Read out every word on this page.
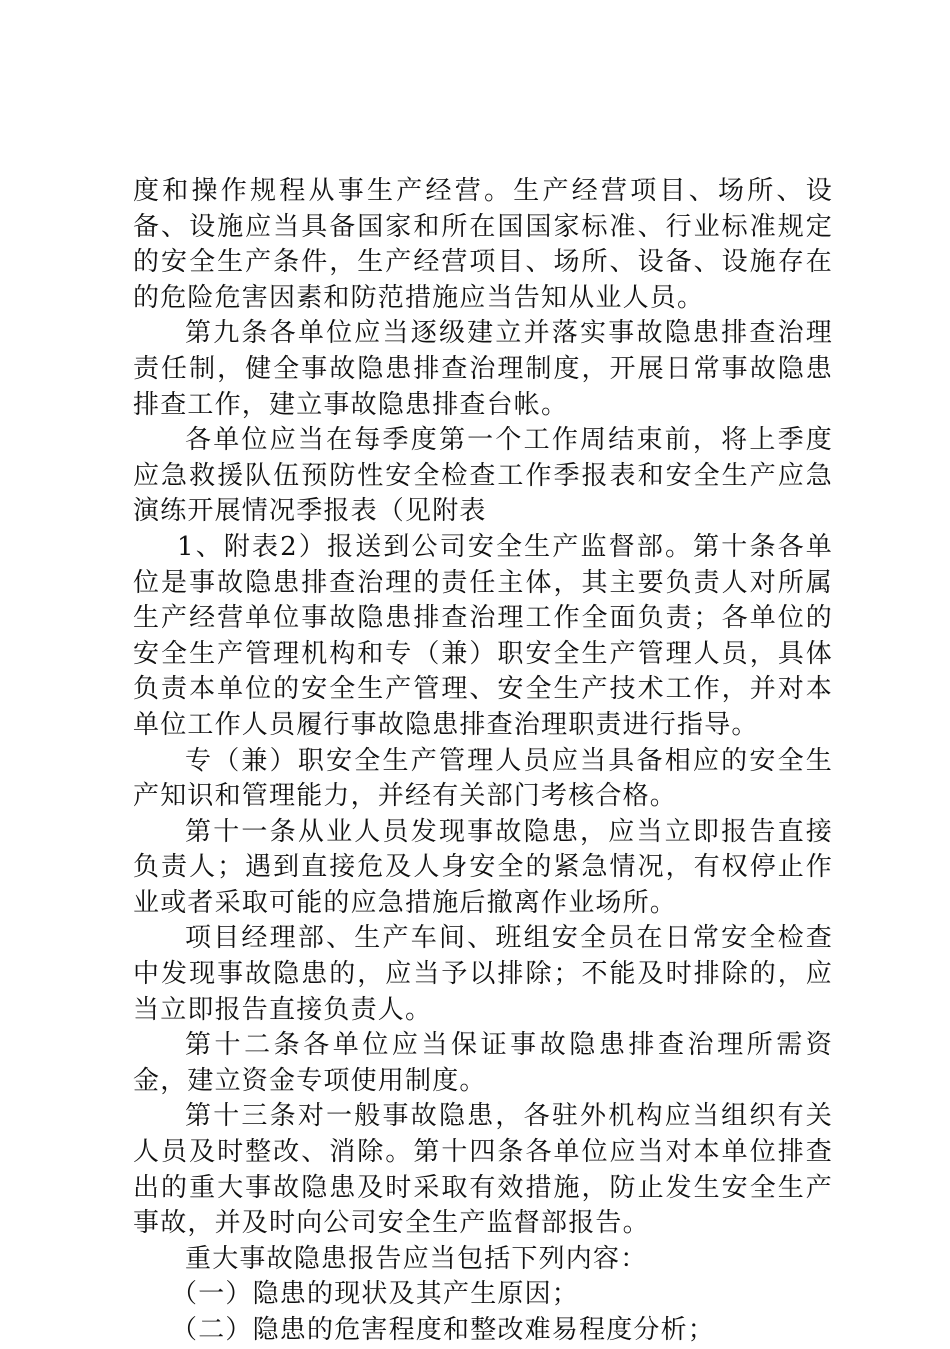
度和操作规程从事生产经营。生产经营项目、场所、设备、设施应当具备国家和所在国国家标准、行业标准规定的安全生产条件，生产经营项目、场所、设备、设施存在的危险危害因素和防范措施应当告知从业人员。

第九条各单位应当逐级建立并落实事故隐患排查治理责任制，健全事故隐患排查治理制度，开展日常事故隐患排查工作，建立事故隐患排查台帐。

各单位应当在每季度第一个工作周结束前，将上季度应急救援队伍预防性安全检查工作季报表和安全生产应急演练开展情况季报表（见附表

1、附表2）报送到公司安全生产监督部。第十条各单位是事故隐患排查治理的责任主体，其主要负责人对所属生产经营单位事故隐患排查治理工作全面负责；各单位的安全生产管理机构和专（兼）职安全生产管理人员，具体负责本单位的安全生产管理、安全生产技术工作，并对本单位工作人员履行事故隐患排查治理职责进行指导。

专（兼）职安全生产管理人员应当具备相应的安全生产知识和管理能力，并经有关部门考核合格。

第十一条从业人员发现事故隐患，应当立即报告直接负责人；遇到直接危及人身安全的紧急情况，有权停止作业或者采取可能的应急措施后撤离作业场所。

项目经理部、生产车间、班组安全员在日常安全检查中发现事故隐患的，应当予以排除；不能及时排除的，应当立即报告直接负责人。

第十二条各单位应当保证事故隐患排查治理所需资金，建立资金专项使用制度。

第十三条对一般事故隐患，各驻外机构应当组织有关人员及时整改、消除。第十四条各单位应当对本单位排查出的重大事故隐患及时采取有效措施，防止发生安全生产事故，并及时向公司安全生产监督部报告。

重大事故隐患报告应当包括下列内容：

（一）隐患的现状及其产生原因；

（二）隐患的危害程度和整改难易程度分析；
